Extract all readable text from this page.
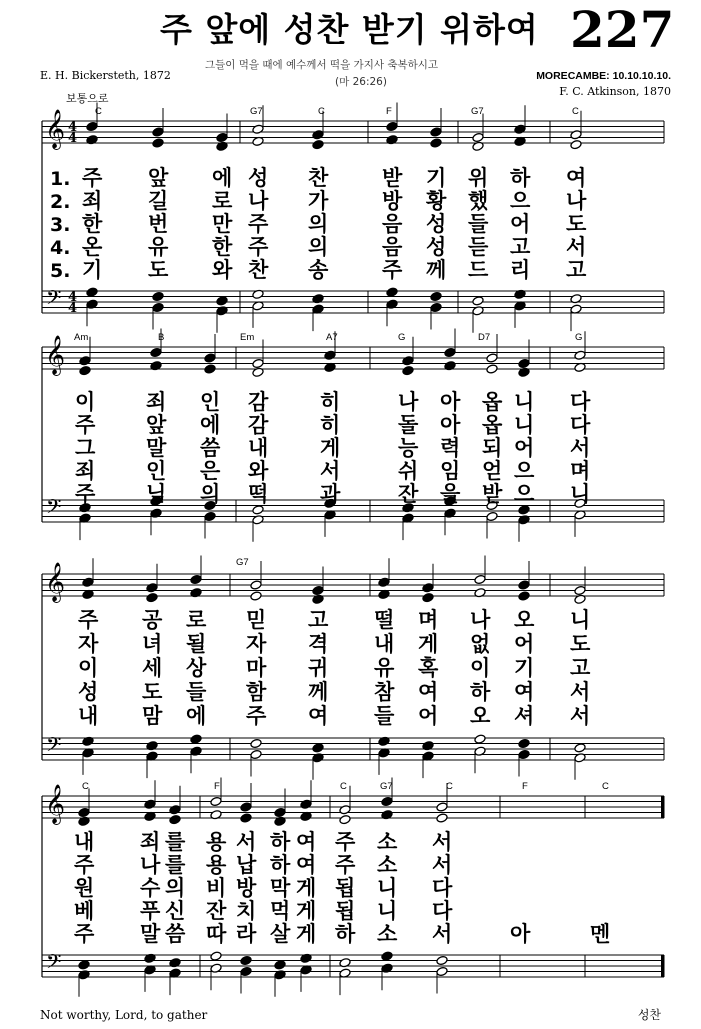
주 앞에 성찬 받기 위하여 227
그들이 먹을 때에 예수께서 떡을 가지사 축복하시고
(마 26:26)
E. H. Bickersteth, 1872	MORECAMBE: 10.10.10.10.
F. C. Atkinson, 1870
보통으로
Not worthy, Lord, to gather	성찬
𝄞
𝄢
4
4
4
4
𝄞
𝄢
𝄞
𝄢
𝄞
𝄢
C	G7	C	F	G7	C
1. 주 앞 에 성 찬	받 기 위 하 여
2. 죄 길 로 나 가	방 황 했 으 나
3. 한 번 만 주 의	음 성 들 어 도
4. 온 유 한 주 의	음 성 듣 고 서
5. 기 도 와 찬 송	주 께 드 리 고
Am	B	Em	A7	G	D7	G
이 죄 인 감 히	나 아 옵 니 다
주 앞 에 감 히	돌 아 옵 니 다
그 말 씀 내 게	능 력 되 어 서
죄 인 은 와 서	쉬 임 얻 으 며
주 님 의 떡 과	잔 을 받 으 니
G7
주 공 로 믿 고 떨 며 나 오 니
자 녀 될 자 격 내 게 없 어 도
이 세 상 마 귀 유 혹 이 기 고
성 도 들 함 께 참 여 하 여 서
내 맘 에 주 여 들 어 오 셔 서
C	F	C	G7	C	F	C
내 죄 를 용 서 하 여 주 소 서
주 나 를 용 납 하 여 주 소 서
원 수 의 비 방 막 게 됩 니 다
베 푸 신 잔 치 먹 게 됩 니 다
주 말 씀 따 라 살 게 하 소 서	아	멘
